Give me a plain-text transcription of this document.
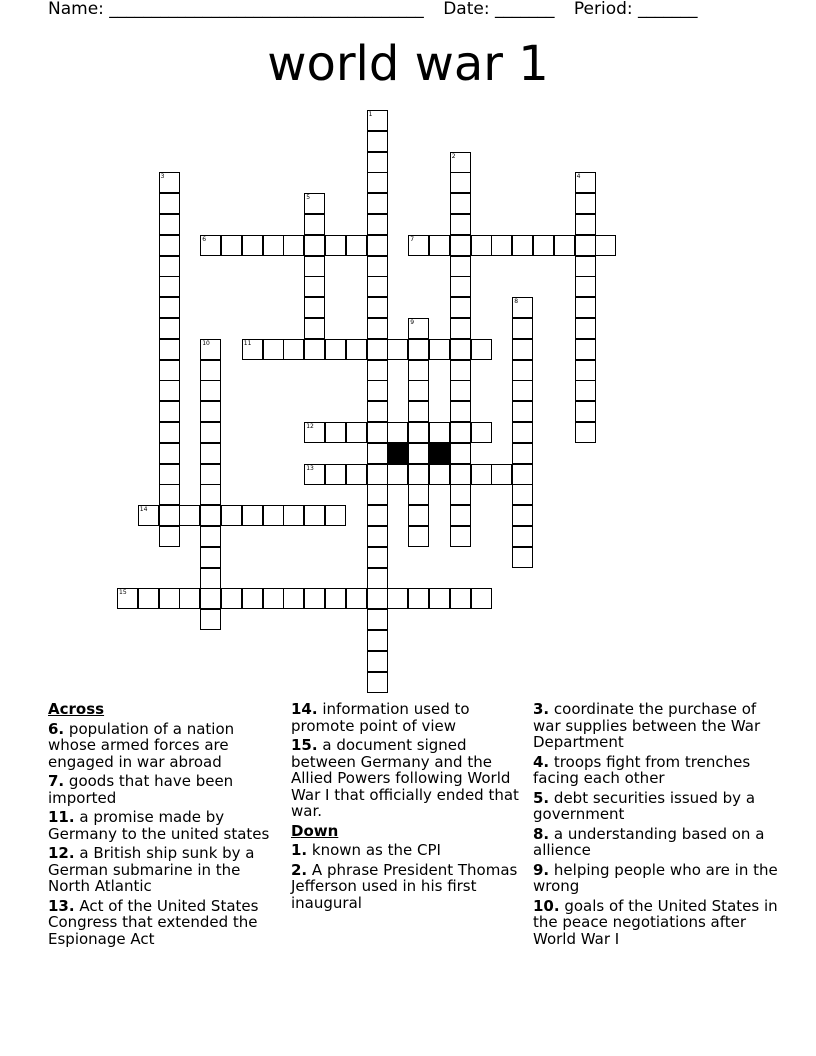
Name: _____________________________________ Date: _______ Period: _______
world war 1
1
2
3	4
5
6	7
8
9
10	11
12
13
14
15
Across
6. population of a nation whose armed forces are engaged in war abroad
7. goods that have been imported
11. a promise made by Germany to the united states
12. a British ship sunk by a German submarine in the North Atlantic
13. Act of the United States Congress that extended the Espionage Act
14. information used to promote point of view
15. a document signed between Germany and the Allied Powers following World War I that officially ended that war.
Down
1. known as the CPI
2. A phrase President Thomas Jefferson used in his first inaugural
3. coordinate the purchase of war supplies between the War Department
4. troops fight from trenches facing each other
5. debt securities issued by a government
8. a understanding based on a allience
9. helping people who are in the wrong
10. goals of the United States in the peace negotiations after World War I
